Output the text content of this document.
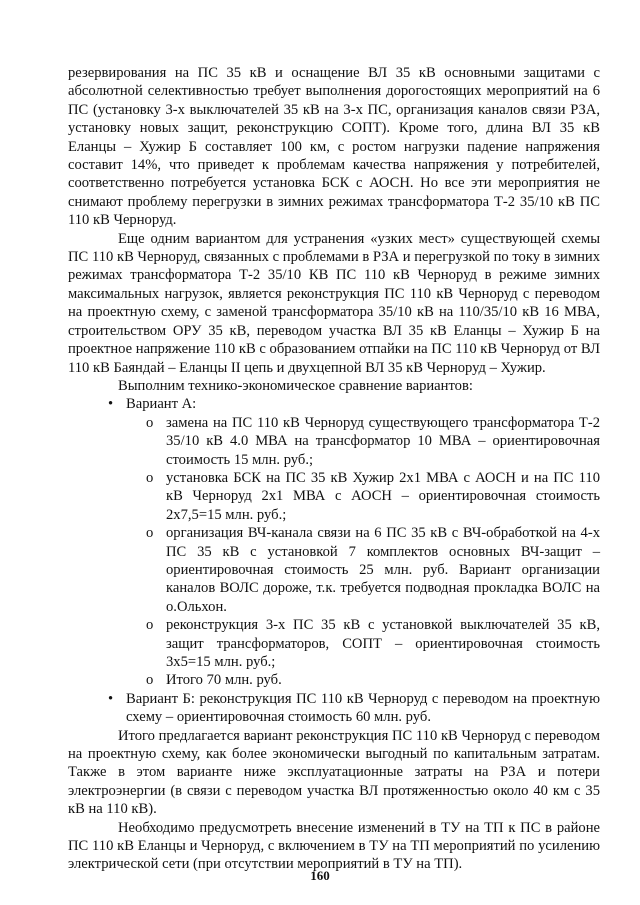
резервирования на ПС 35 кВ и оснащение ВЛ 35 кВ основными защитами с абсолютной селективностью требует выполнения дорогостоящих мероприятий на 6 ПС (установку 3-х выключателей 35 кВ на 3-х ПС, организация каналов связи РЗА, установку новых защит, реконструкцию СОПТ). Кроме того, длина ВЛ 35 кВ Еланцы – Хужир Б составляет 100 км, с ростом нагрузки падение напряжения составит 14%, что приведет к проблемам качества напряжения у потребителей, соответственно потребуется установка БСК с АОСН. Но все эти мероприятия не снимают проблему перегрузки в зимних режимах трансформатора Т-2 35/10 кВ ПС 110 кВ Черноруд.

Еще одним вариантом для устранения «узких мест» существующей схемы ПС 110 кВ Черноруд, связанных с проблемами в РЗА и перегрузкой по току в зимних режимах трансформатора Т-2 35/10 КВ ПС 110 кВ Черноруд в режиме зимних максимальных нагрузок, является реконструкция ПС 110 кВ Черноруд с переводом на проектную схему, с заменой трансформатора 35/10 кВ на 110/35/10 кВ 16 МВА, строительством ОРУ 35 кВ, переводом участка ВЛ 35 кВ Еланцы – Хужир Б на проектное напряжение 110 кВ с образованием отпайки на ПС 110 кВ Черноруд от ВЛ 110 кВ Баяндай – Еланцы II цепь и двухцепной ВЛ 35 кВ Черноруд – Хужир.

Выполним технико-экономическое сравнение вариантов:

• Вариант А:
o замена на ПС 110 кВ Черноруд существующего трансформатора Т-2 35/10 кВ 4.0 МВА на трансформатор 10 МВА – ориентировочная стоимость 15 млн. руб.;
o установка БСК на ПС 35 кВ Хужир 2х1 МВА с АОСН и на ПС 110 кВ Черноруд 2х1 МВА с АОСН – ориентировочная стоимость 2х7,5=15 млн. руб.;
o организация ВЧ-канала связи на 6 ПС 35 кВ с ВЧ-обработкой на 4-х ПС 35 кВ с установкой 7 комплектов основных ВЧ-защит – ориентировочная стоимость 25 млн. руб. Вариант организации каналов ВОЛС дороже, т.к. требуется подводная прокладка ВОЛС на о.Ольхон.
o реконструкция 3-х ПС 35 кВ с установкой выключателей 35 кВ, защит трансформаторов, СОПТ – ориентировочная стоимость 3х5=15 млн. руб.;
o Итого 70 млн. руб.
• Вариант Б: реконструкция ПС 110 кВ Черноруд с переводом на проектную схему – ориентировочная стоимость 60 млн. руб.

Итого предлагается вариант реконструкция ПС 110 кВ Черноруд с переводом на проектную схему, как более экономически выгодный по капитальным затратам. Также в этом варианте ниже эксплуатационные затраты на РЗА и потери электроэнергии (в связи с переводом участка ВЛ протяженностью около 40 км с 35 кВ на 110 кВ).

Необходимо предусмотреть внесение изменений в ТУ на ТП к ПС в районе ПС 110 кВ Еланцы и Черноруд, с включением в ТУ на ТП мероприятий по усилению электрической сети (при отсутствии мероприятий в ТУ на ТП).

160
